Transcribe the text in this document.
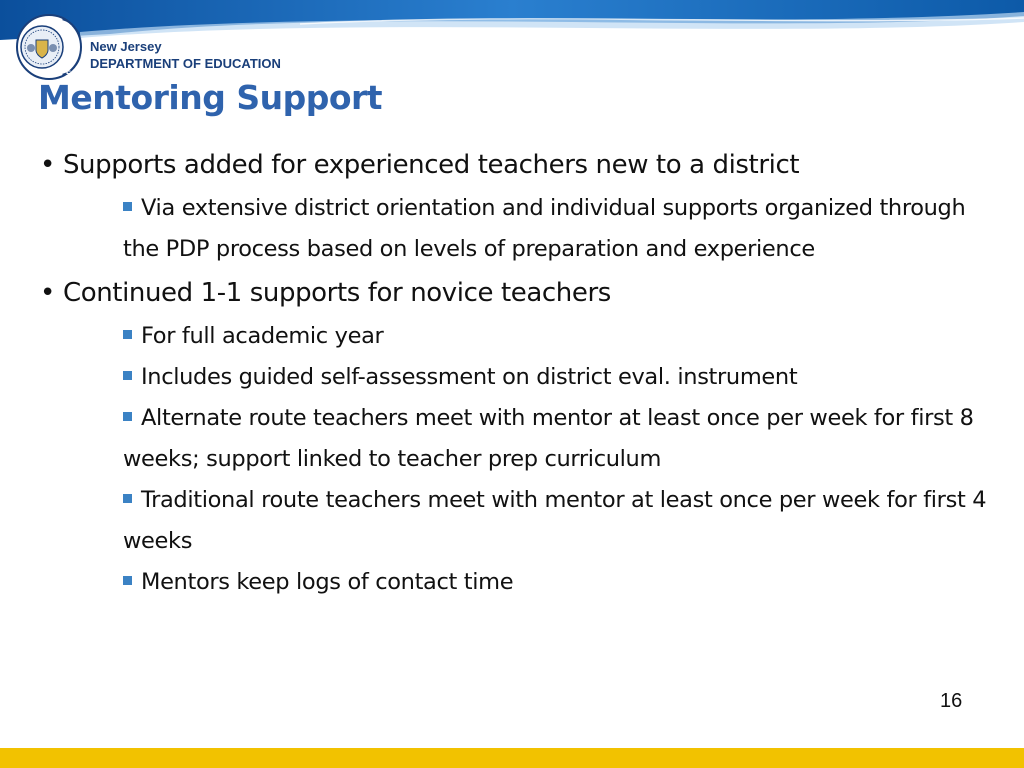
N
J
D
O
E
New Jersey
DEPARTMENT OF EDUCATION
Mentoring Support

• Supports added for experienced teachers new to a district

Via extensive district orientation and individual supports organized through the PDP process based on levels of preparation and experience

• Continued 1-1 supports for novice teachers

For full academic year

Includes guided self-assessment on district eval. instrument

Alternate route teachers meet with mentor at least once per week for first 8 weeks; support linked to teacher prep curriculum

Traditional route teachers meet with mentor at least once per week for first 4 weeks

Mentors keep logs of contact time

16
